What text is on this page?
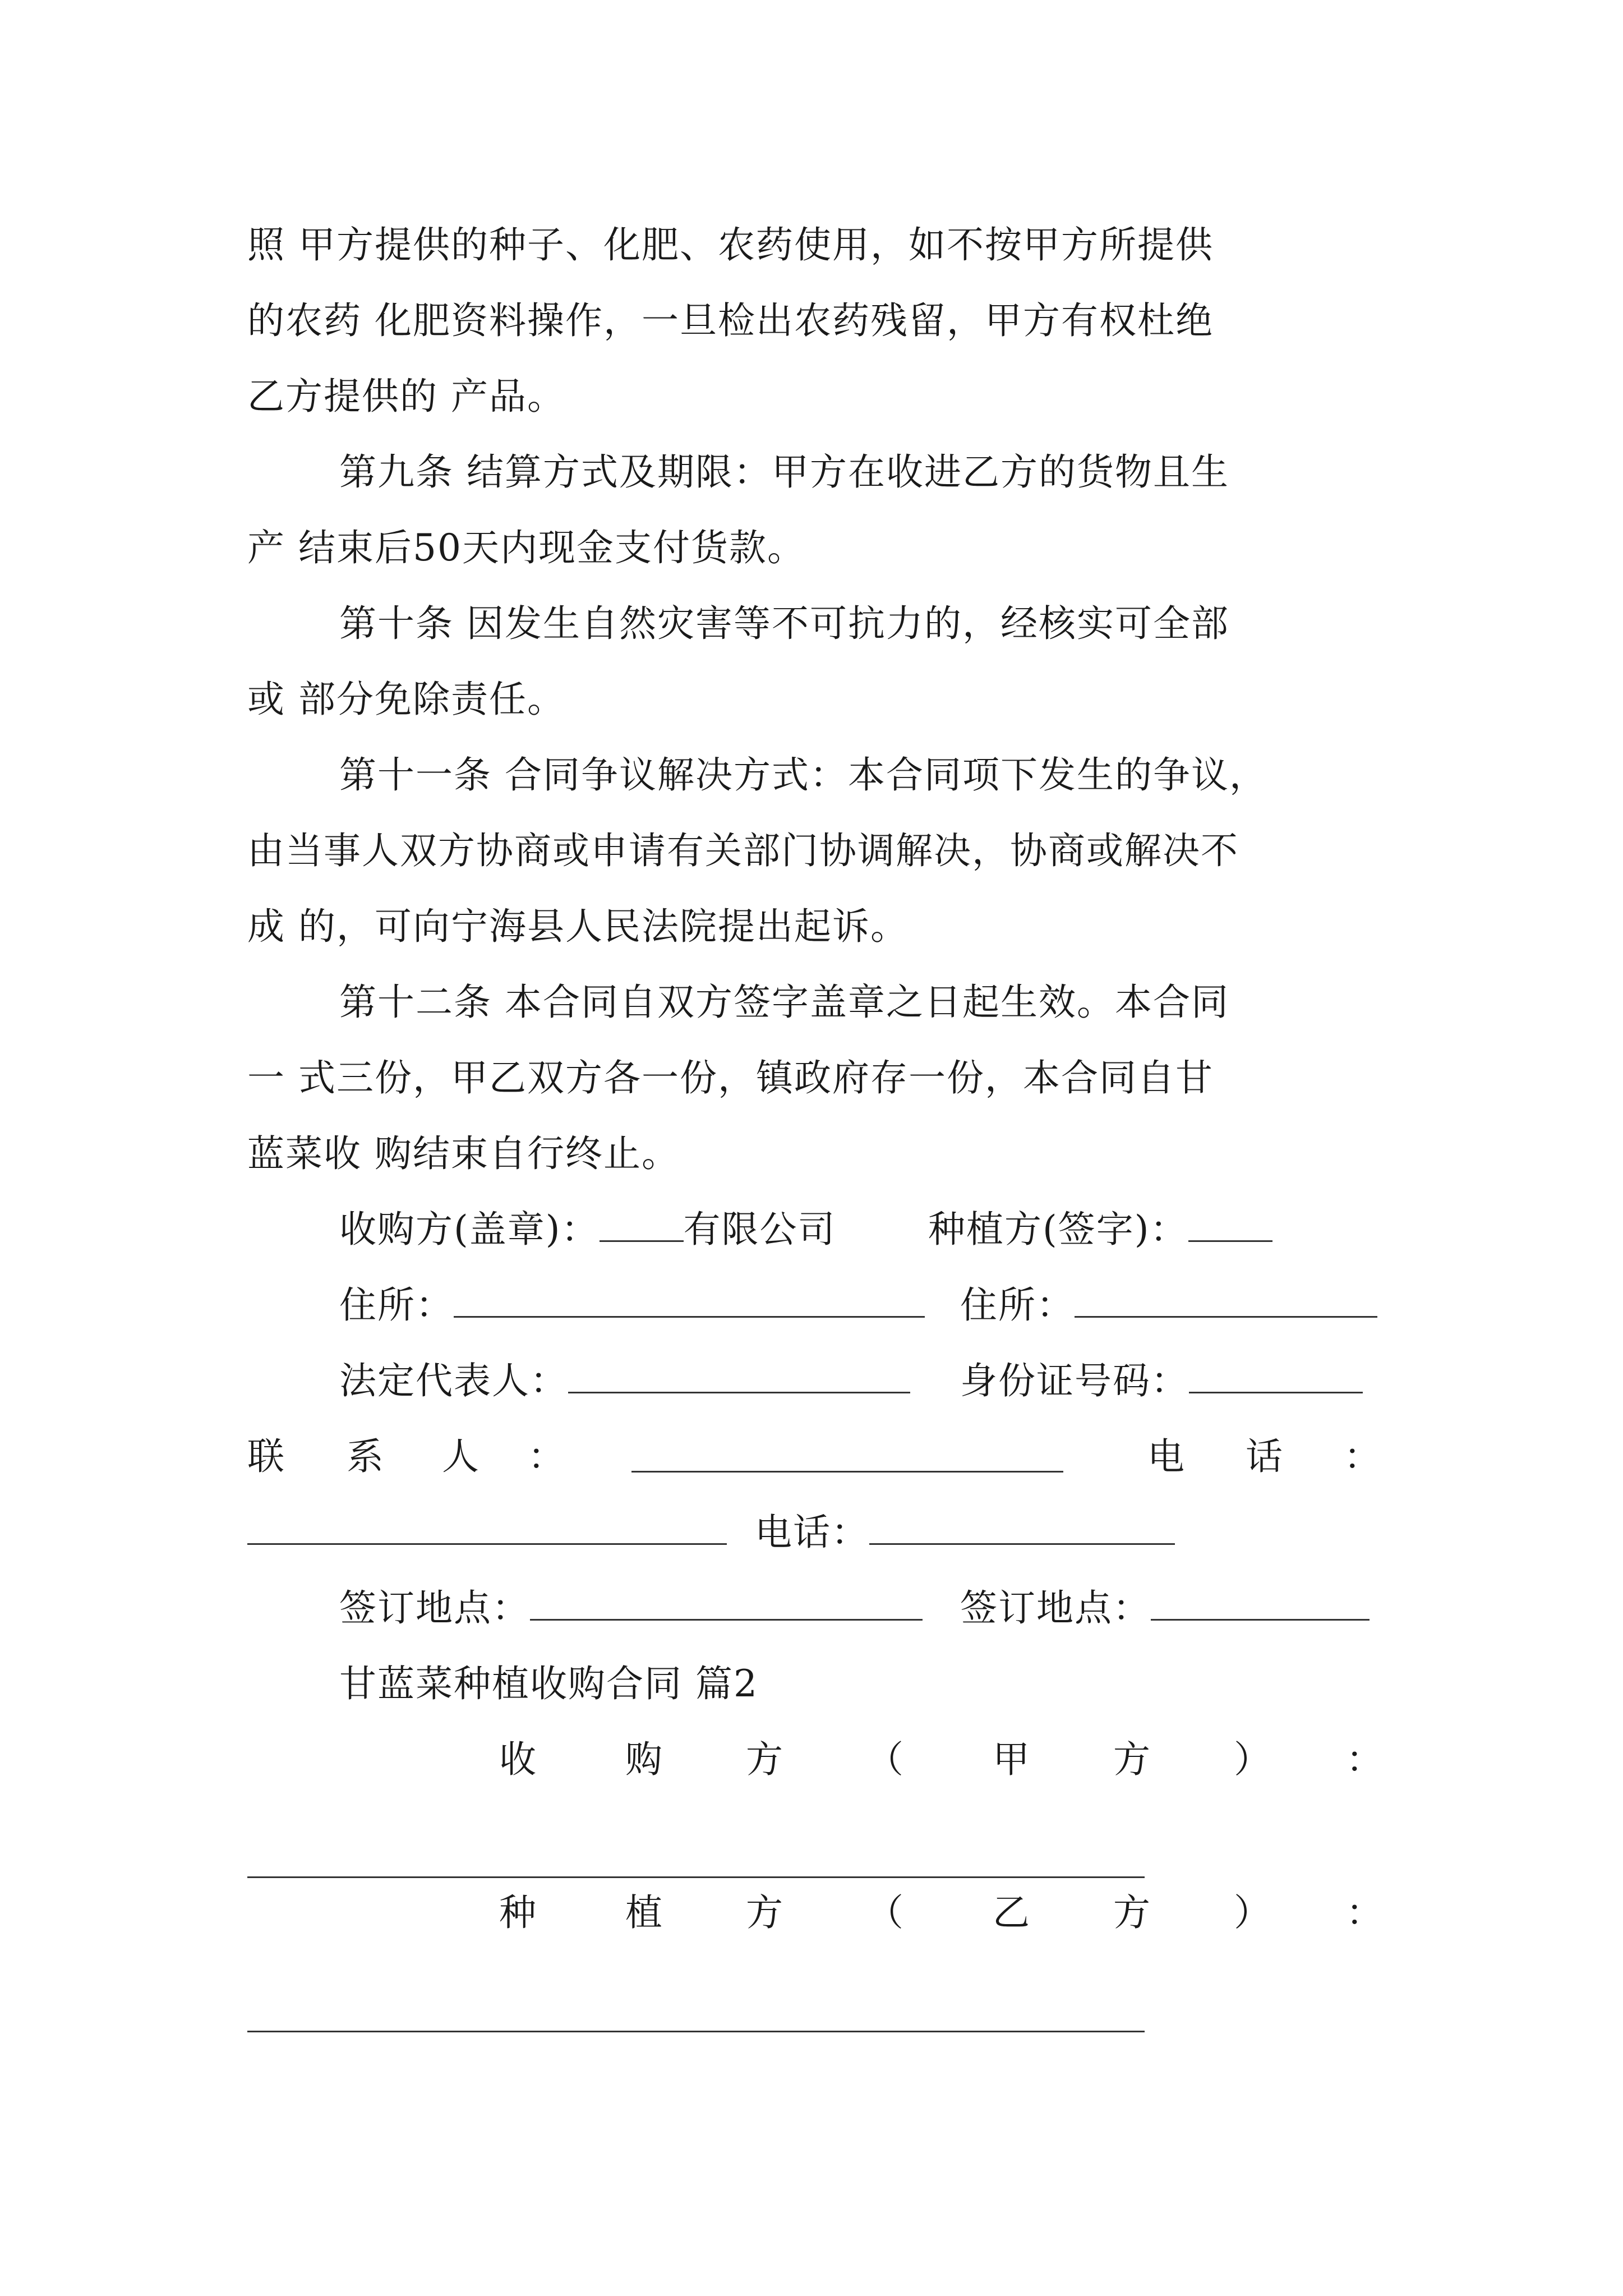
照 甲方提供的种子、化肥、农药使用，如不按甲方所提供
的农药 化肥资料操作，一旦检出农药残留，甲方有权杜绝
乙方提供的 产品。
第九条 结算方式及期限：甲方在收进乙方的货物且生
产 结束后50天内现金支付货款。
第十条 因发生自然灾害等不可抗力的，经核实可全部
或 部分免除责任。
第十一条 合同争议解决方式：本合同项下发生的争议，
由当事人双方协商或申请有关部门协调解决，协商或解决不
成 的，可向宁海县人民法院提出起诉。
第十二条 本合同自双方签字盖章之日起生效。本合同
一 式三份，甲乙双方各一份，镇政府存一份，本合同自甘
蓝菜收 购结束自行终止。
收购方(盖章)： 有限公司 种植方(签字)：
住所：	住所：
法定代表人：	身份证号码：
联 系 人 ：	电 话 ：
电话：
签订地点：	签订地点：
甘蓝菜种植收购合同 篇2
收 购 方 （ 甲 方 ） ：
种 植 方 （ 乙 方 ） ：
